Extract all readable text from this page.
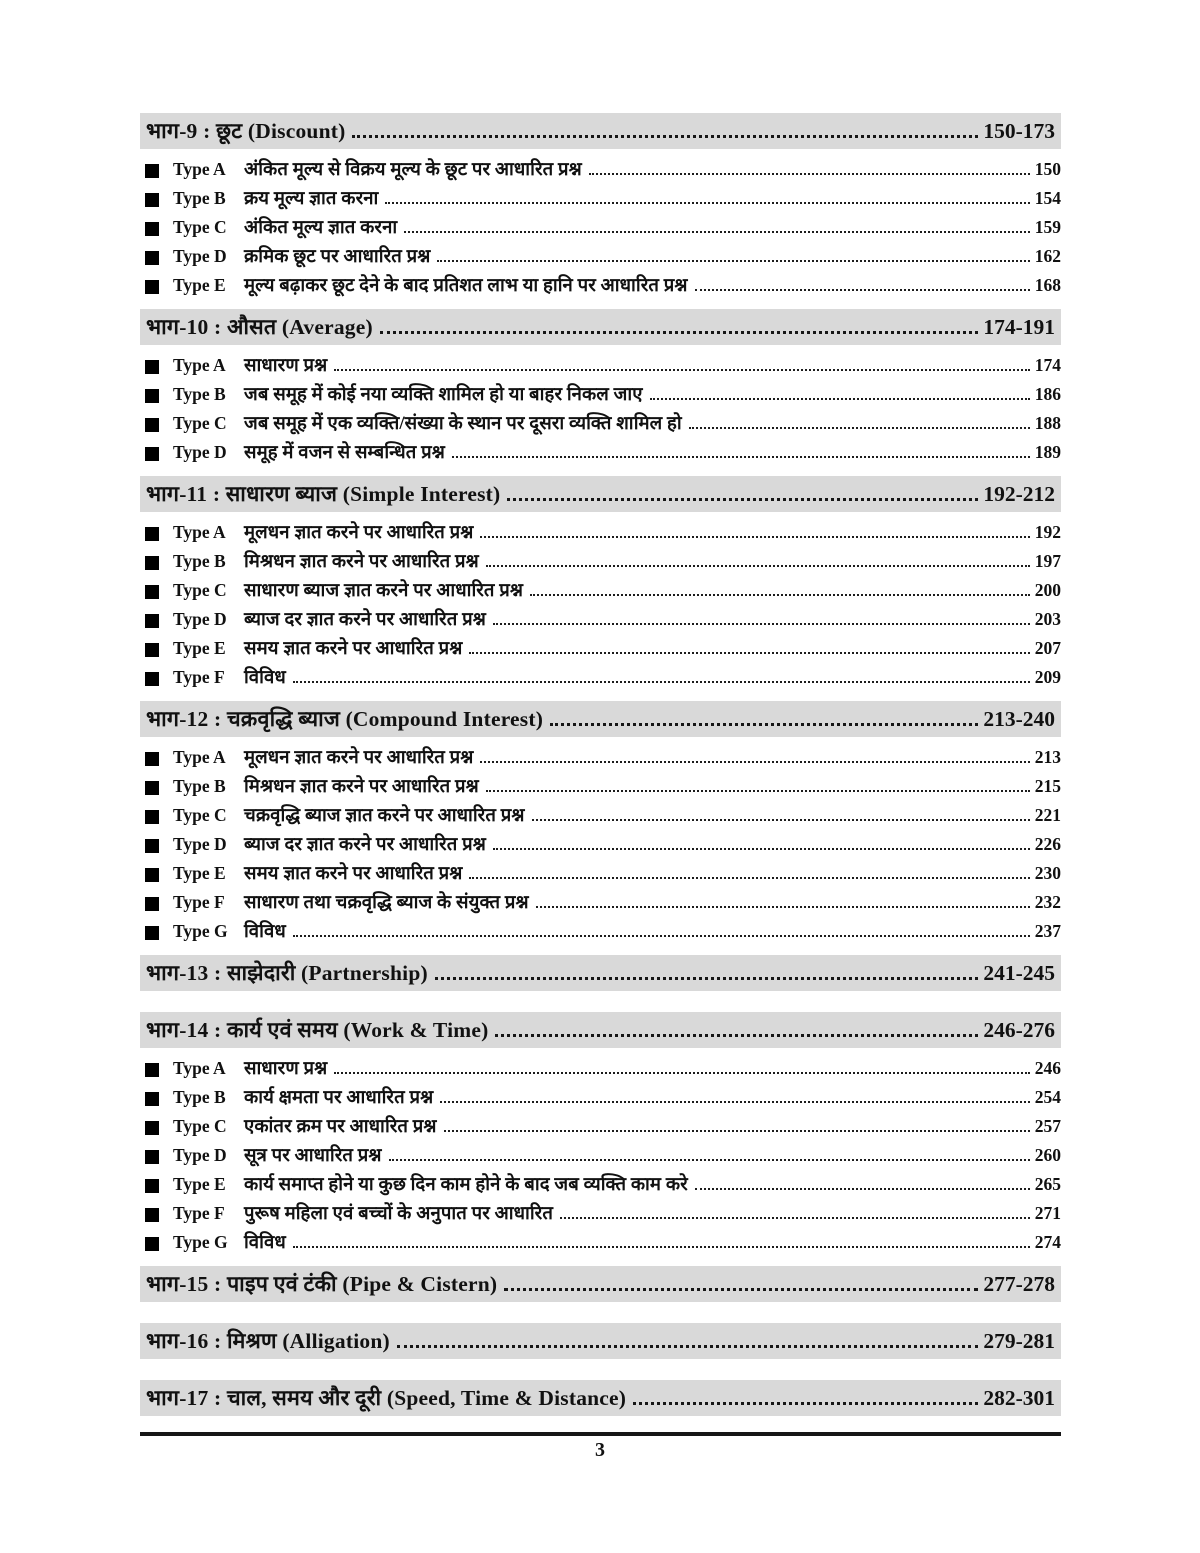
भाग-9 : छूट (Discount)	150-173
Type A अंकित मूल्य से विक्रय मूल्य के छूट पर आधारित प्रश्न	150
Type B क्रय मूल्य ज्ञात करना	154
Type C अंकित मूल्य ज्ञात करना	159
Type D क्रमिक छूट पर आधारित प्रश्न	162
Type E मूल्य बढ़ाकर छूट देने के बाद प्रतिशत लाभ या हानि पर आधारित प्रश्न	168
भाग-10 : औसत (Average)	174-191
Type A साधारण प्रश्न	174
Type B जब समूह में कोई नया व्यक्ति शामिल हो या बाहर निकल जाए	186
Type C जब समूह में एक व्यक्ति/संख्या के स्थान पर दूसरा व्यक्ति शामिल हो	188
Type D समूह में वजन से सम्बन्धित प्रश्न	189
भाग-11 : साधारण ब्याज (Simple Interest)	192-212
Type A मूलधन ज्ञात करने पर आधारित प्रश्न	192
Type B मिश्रधन ज्ञात करने पर आधारित प्रश्न	197
Type C साधारण ब्याज ज्ञात करने पर आधारित प्रश्न	200
Type D ब्याज दर ज्ञात करने पर आधारित प्रश्न	203
Type E समय ज्ञात करने पर आधारित प्रश्न	207
Type F	विविध	209
भाग-12 : चक्रवृद्धि ब्याज (Compound Interest)	213-240
Type A मूलधन ज्ञात करने पर आधारित प्रश्न	213
Type B मिश्रधन ज्ञात करने पर आधारित प्रश्न	215
Type C चक्रवृद्धि ब्याज ज्ञात करने पर आधारित प्रश्न	221
Type D ब्याज दर ज्ञात करने पर आधारित प्रश्न	226
Type E समय ज्ञात करने पर आधारित प्रश्न	230
Type F	साधारण तथा चक्रवृद्धि ब्याज के संयुक्त प्रश्न	232
Type G विविध	237
भाग-13 : साझेदारी (Partnership)	241-245
भाग-14 : कार्य एवं समय (Work & Time)	246-276
Type A साधारण प्रश्न	246
Type B कार्य क्षमता पर आधारित प्रश्न	254
Type C एकांतर क्रम पर आधारित प्रश्न	257
Type D सूत्र पर आधारित प्रश्न	260
Type E कार्य समाप्त होने या कुछ दिन काम होने के बाद जब व्यक्ति काम करे	265
Type F	पुरूष महिला एवं बच्चों के अनुपात पर आधारित	271
Type G विविध	274
भाग-15 : पाइप एवं टंकी (Pipe & Cistern)	277-278
भाग-16 : मिश्रण (Alligation)	279-281
भाग-17 : चाल, समय और दूरी (Speed, Time & Distance)	282-301
3
